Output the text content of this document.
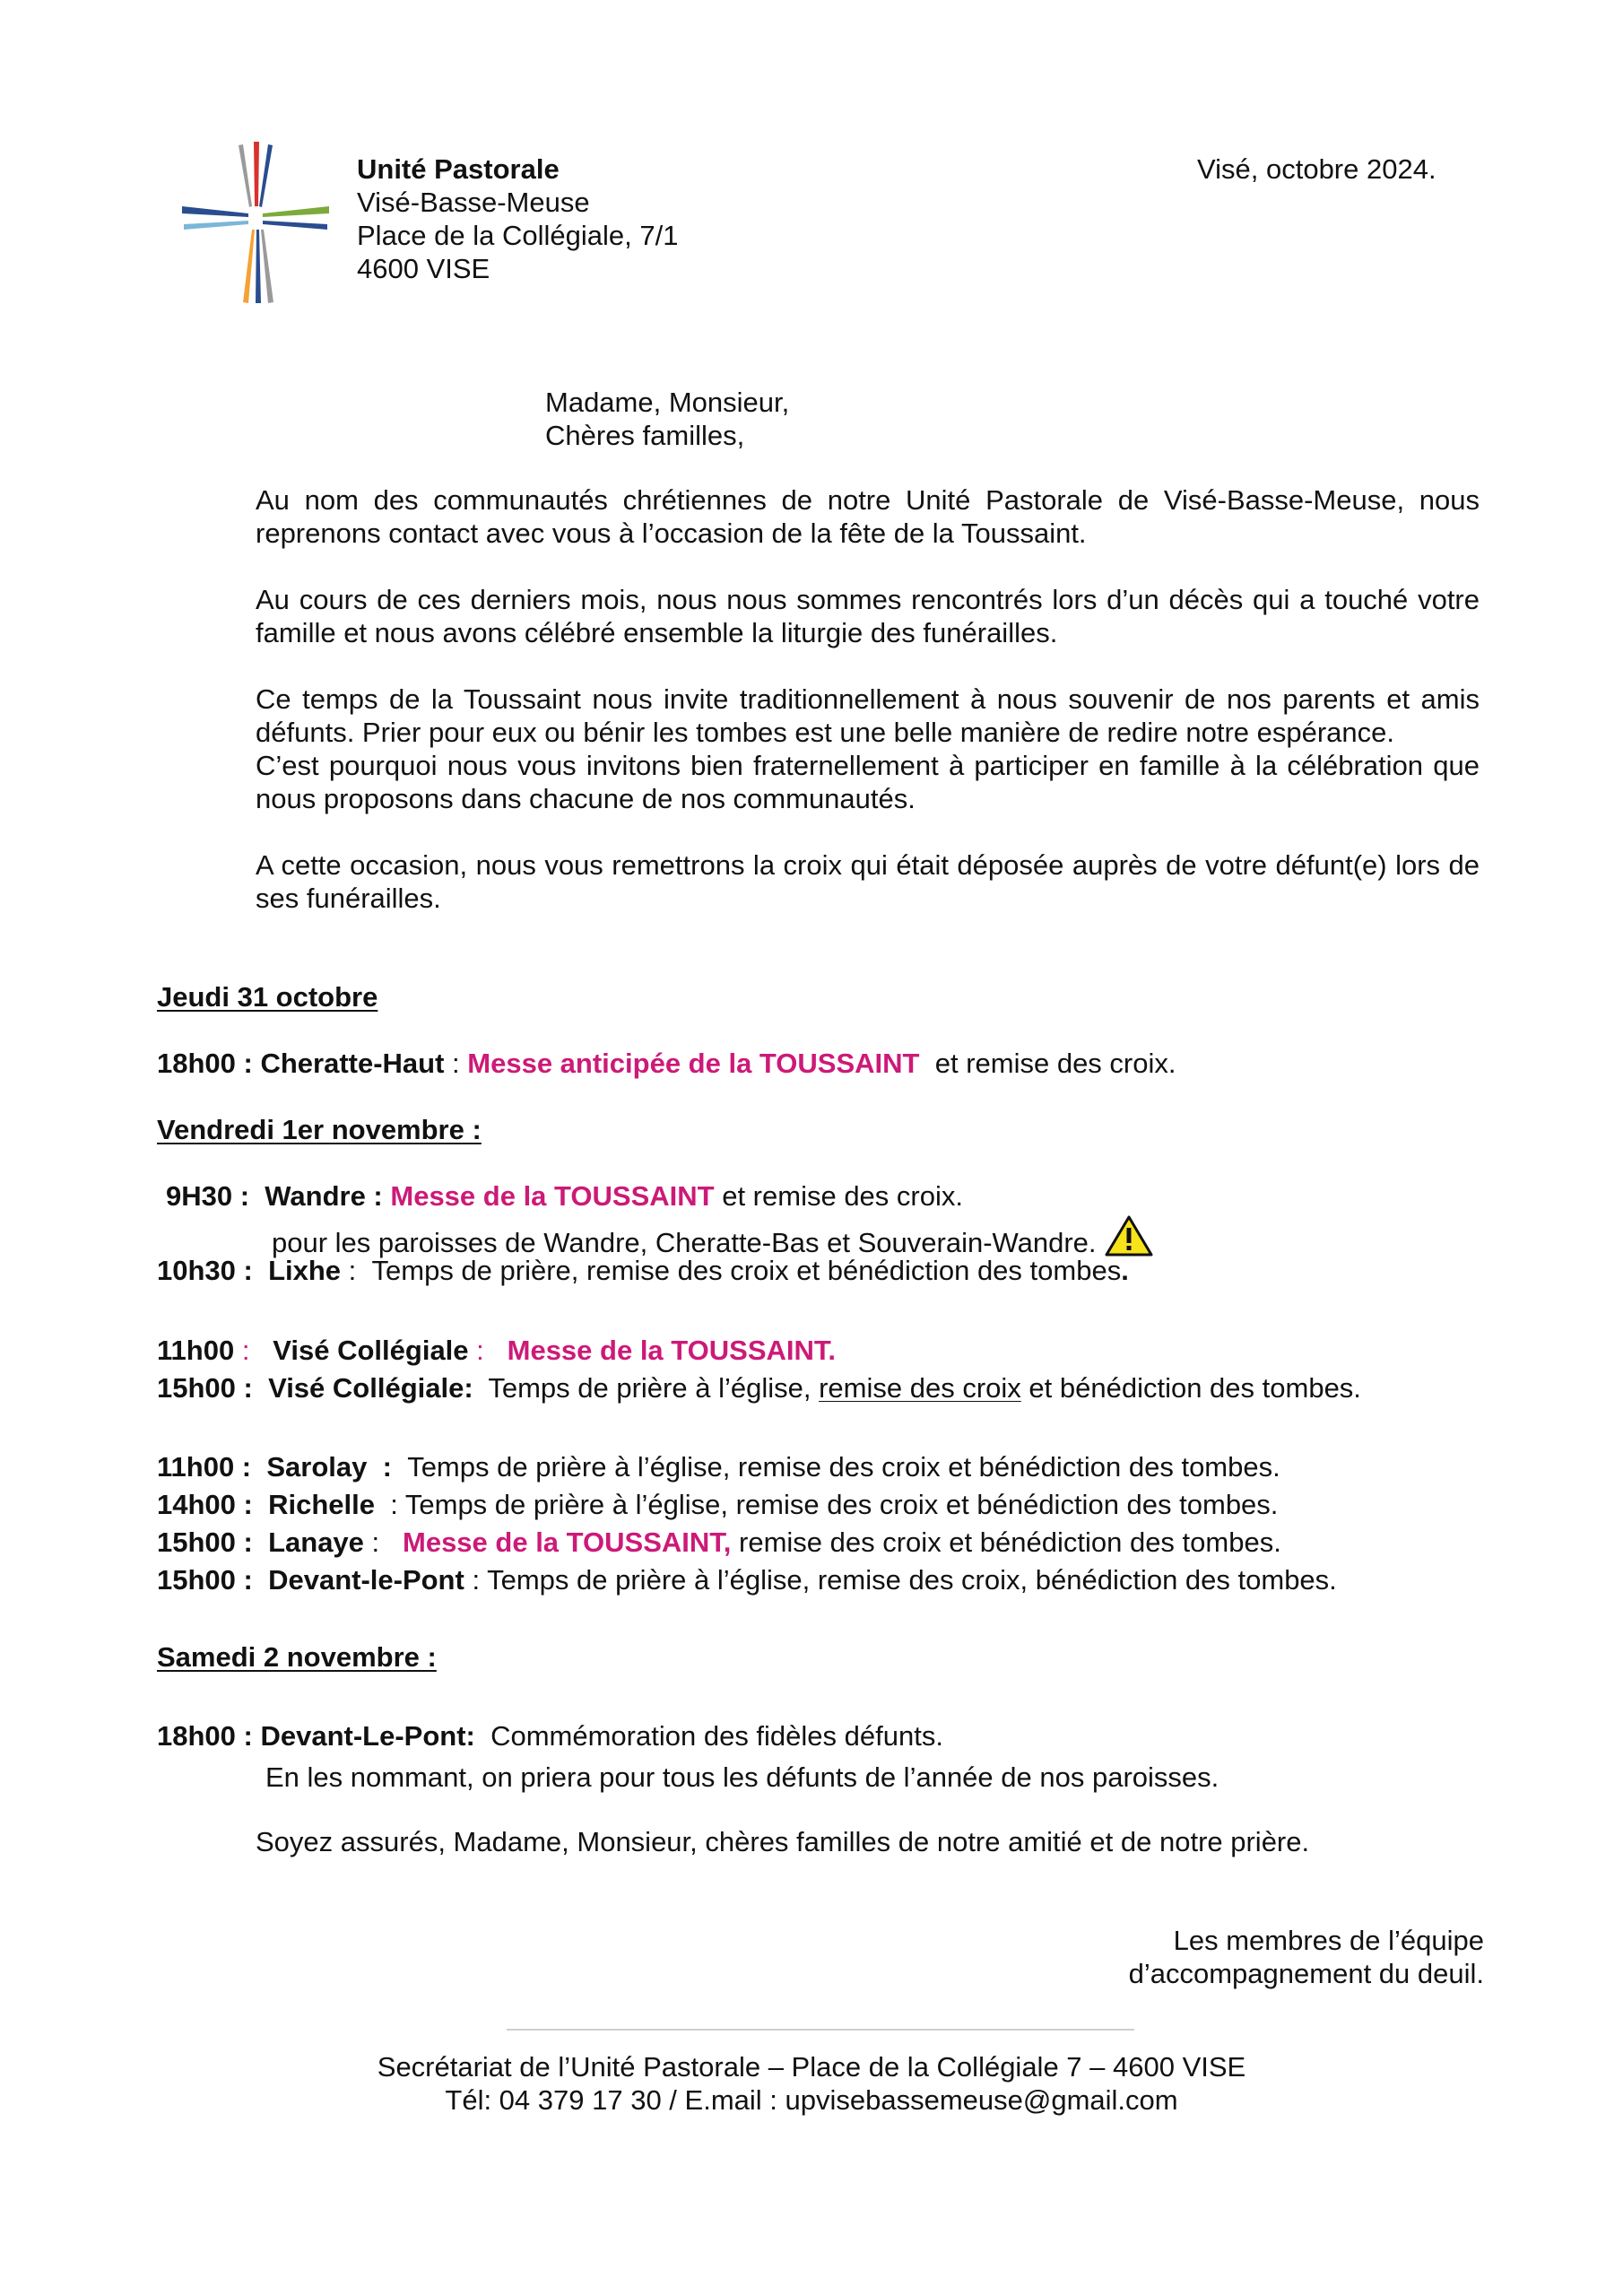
Unité Pastorale
Visé-Basse-Meuse
Place de la Collégiale, 7/1
4600 VISE
Visé, octobre 2024.
Madame, Monsieur,
Chères familles,
Au nom des communautés chrétiennes de notre Unité Pastorale de Visé-Basse-Meuse, nous reprenons contact avec vous à l’occasion de la fête de la Toussaint.
Au cours de ces derniers mois, nous nous sommes rencontrés lors d’un décès qui a touché votre famille et nous avons célébré ensemble la liturgie des funérailles.
Ce temps de la Toussaint nous invite traditionnellement à nous souvenir de nos parents et amis défunts. Prier pour eux ou bénir les tombes est une belle manière de redire notre espérance.
C’est pourquoi nous vous invitons bien fraternellement à participer en famille à la célébration que nous proposons dans chacune de nos communautés.
A cette occasion, nous vous remettrons la croix qui était déposée auprès de votre défunt(e) lors de ses funérailles.
Jeudi 31 octobre
18h00 : Cheratte-Haut : Messe anticipée de la TOUSSAINT et remise des croix.
Vendredi 1er novembre :
9H30 : Wandre : Messe de la TOUSSAINT et remise des croix.
pour les paroisses de Wandre, Cheratte-Bas et Souverain-Wandre.
10h30 : Lixhe :  Temps de prière, remise des croix et bénédiction des tombes.
11h00 :   Visé Collégiale :   Messe de la TOUSSAINT.
15h00 : Visé Collégiale: Temps de prière à l’église, remise des croix et bénédiction des tombes.
11h00 : Sarolay  :  Temps de prière à l’église, remise des croix et bénédiction des tombes.
14h00 : Richelle  : Temps de prière à l’église, remise des croix et bénédiction des tombes.
15h00 : Lanaye :   Messe de la TOUSSAINT, remise des croix et bénédiction des tombes.
15h00 : Devant-le-Pont : Temps de prière à l’église, remise des croix, bénédiction des tombes.
Samedi 2 novembre :
18h00 : Devant-Le-Pont: Commémoration des fidèles défunts.
En les nommant, on priera pour tous les défunts de l’année de nos paroisses.
Soyez assurés, Madame, Monsieur, chères familles de notre amitié et de notre prière.
Les membres de l’équipe
d’accompagnement du deuil.
Secrétariat de l’Unité Pastorale – Place de la Collégiale 7 – 4600 VISE
Tél: 04 379 17 30 / E.mail : upvisebassemeuse@gmail.com
